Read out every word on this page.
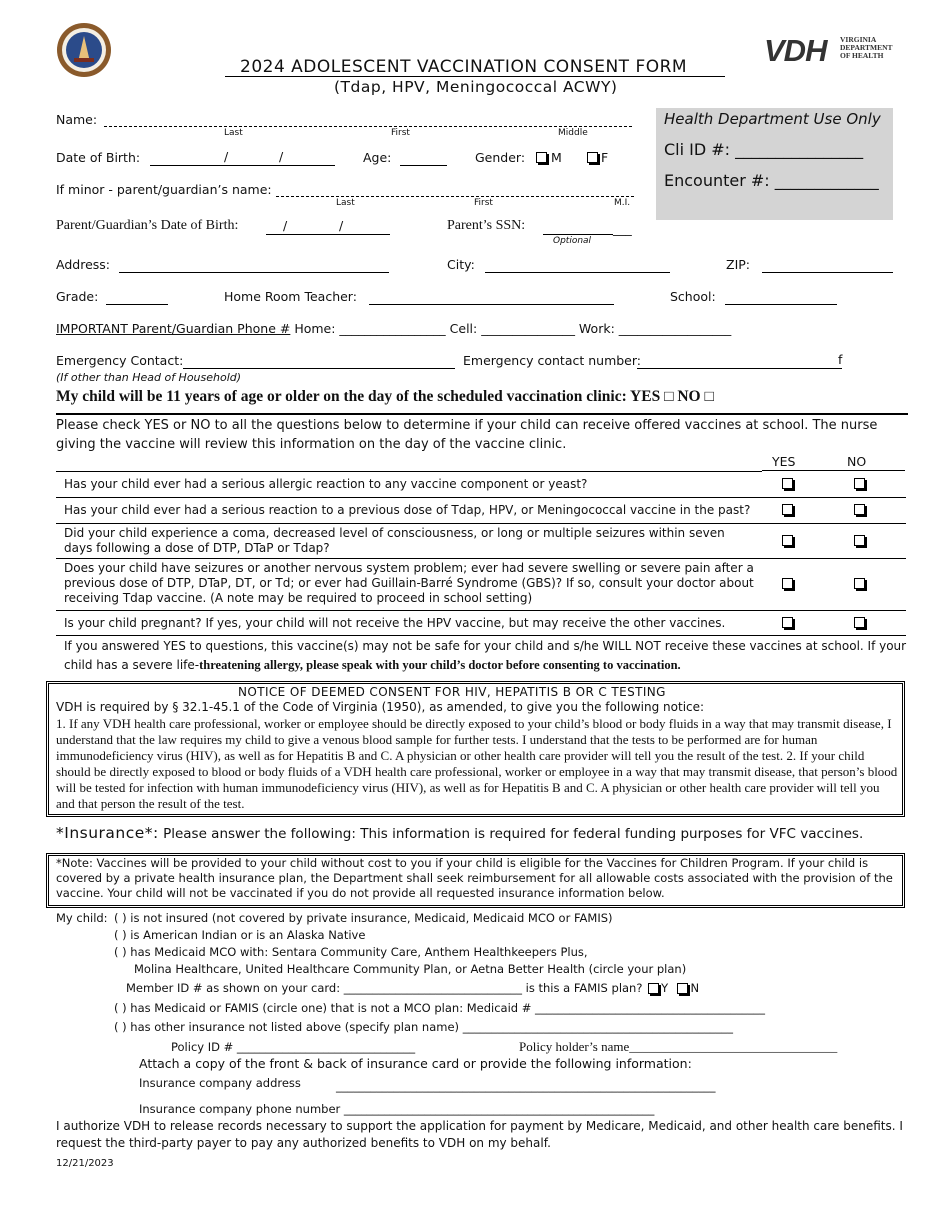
2024 ADOLESCENT VACCINATION CONSENT FORM
(Tdap, HPV, Meningococcal ACWY)
VDH VIRGINIA
DEPARTMENT
OF HEALTH
Health Department Use Only
Cli ID #: ________________
Encounter #: _____________
Name:
Last	First	Middle
Date of Birth:	/	/	Age:	Gender: M	F
If minor - parent/guardian’s name:
Last	First	M.I.
Parent/Guardian’s Date of Birth:	/	/	Parent’s SSN:	___
Optional
Address:	City:	ZIP:
Grade:	Home Room Teacher:	School:
IMPORTANT Parent/Guardian Phone # Home: _________________ Cell: _______________ Work: __________________
Emergency Contact:
(If other than Head of Household)
Emergency contact number:	f
My child will be 11 years of age or older on the day of the scheduled vaccination clinic: YES □ NO □
Please check YES or NO to all the questions below to determine if your child can receive offered vaccines at school. The nurse giving the vaccine will review this information on the day of the vaccine clinic.
YES	NO
Has your child ever had a serious allergic reaction to any vaccine component or yeast?
Has your child ever had a serious reaction to a previous dose of Tdap, HPV, or Meningococcal vaccine in the past?
Did your child experience a coma, decreased level of consciousness, or long or multiple seizures within seven days following a dose of DTP, DTaP or Tdap?
Does your child have seizures or another nervous system problem; ever had severe swelling or severe pain after a previous dose of DTP, DTaP, DT, or Td; or ever had Guillain-Barré Syndrome (GBS)? If so, consult your doctor about receiving Tdap vaccine. (A note may be required to proceed in school setting)
Is your child pregnant? If yes, your child will not receive the HPV vaccine, but may receive the other vaccines.
If you answered YES to questions, this vaccine(s) may not be safe for your child and s/he WILL NOT receive these vaccines at school. If your child has a severe life-threatening allergy, please speak with your child’s doctor before consenting to vaccination.
NOTICE OF DEEMED CONSENT FOR HIV, HEPATITIS B OR C TESTING
VDH is required by § 32.1-45.1 of the Code of Virginia (1950), as amended, to give you the following notice:
1. If any VDH health care professional, worker or employee should be directly exposed to your child’s blood or body fluids in a way that may transmit disease, I understand that the law requires my child to give a venous blood sample for further tests. I understand that the tests to be performed are for human immunodeficiency virus (HIV), as well as for Hepatitis B and C. A physician or other health care provider will tell you the result of the test. 2. If your child should be directly exposed to blood or body fluids of a VDH health care professional, worker or employee in a way that may transmit disease, that person’s blood will be tested for infection with human immunodeficiency virus (HIV), as well as for Hepatitis B and C. A physician or other health care provider will tell you and that person the result of the test.
*Insurance*: Please answer the following: This information is required for federal funding purposes for VFC vaccines.
*Note: Vaccines will be provided to your child without cost to you if your child is eligible for the Vaccines for Children Program. If your child is covered by a private health insurance plan, the Department shall seek reimbursement for all allowable costs associated with the provision of the vaccine. Your child will not be vaccinated if you do not provide all requested insurance information below.
My child: ( ) is not insured (not covered by private insurance, Medicaid, Medicaid MCO or FAMIS)
( ) is American Indian or is an Alaska Native
( ) has Medicaid MCO with: Sentara Community Care, Anthem Healthkeepers Plus,
Molina Healthcare, United Healthcare Community Plan, or Aetna Better Health (circle your plan)
Member ID # as shown on your card: _______________________________ is this a FAMIS plan? Y N
( ) has Medicaid or FAMIS (circle one) that is not a MCO plan: Medicaid # ________________________________________
( ) has other insurance not listed above (specify plan name) _______________________________________________
Policy ID # _______________________________	Policy holder’s name________________________________
Attach a copy of the front & back of insurance card or provide the following information:
Insurance company address	__________________________________________________________________
Insurance company phone number ______________________________________________________
I authorize VDH to release records necessary to support the application for payment by Medicare, Medicaid, and other health care benefits. I request the third-party payer to pay any authorized benefits to VDH on my behalf.
12/21/2023
